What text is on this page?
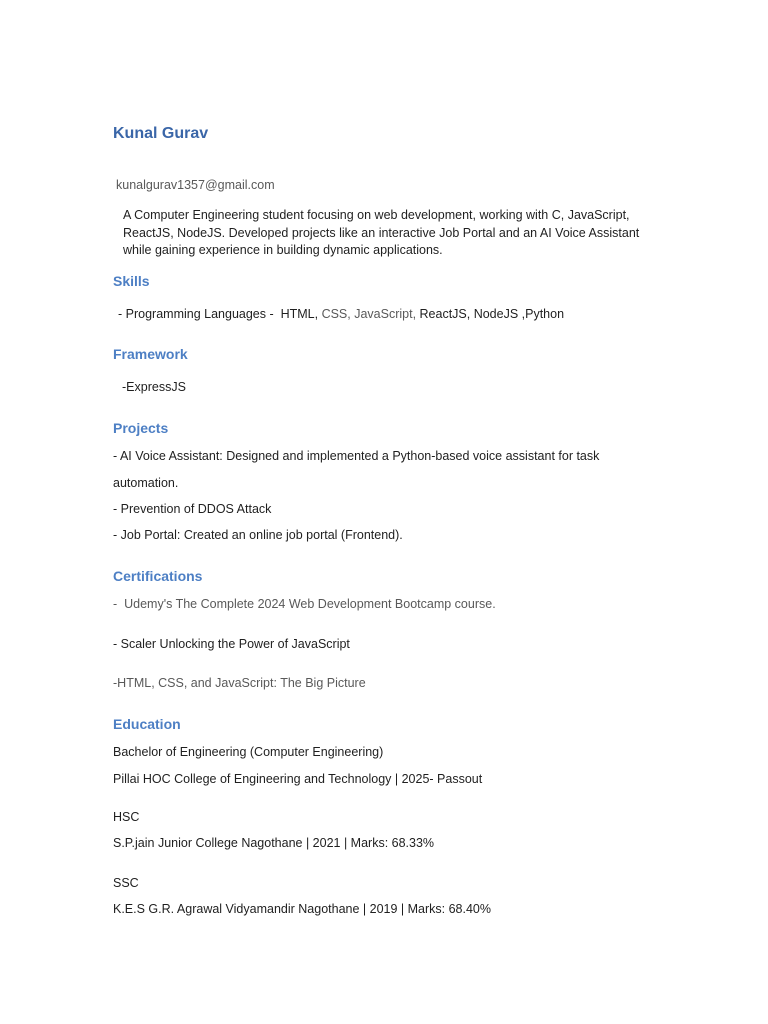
Kunal Gurav
kunalgurav1357@gmail.com
A Computer Engineering student focusing on web development, working with C, JavaScript, ReactJS, NodeJS. Developed projects like an interactive Job Portal and an AI Voice Assistant while gaining experience in building dynamic applications.
Skills
- Programming Languages -  HTML, CSS, JavaScript, ReactJS, NodeJS ,Python
Framework
-ExpressJS
Projects
- AI Voice Assistant: Designed and implemented a Python-based voice assistant for task
automation.
- Prevention of DDOS Attack
- Job Portal: Created an online job portal (Frontend).
Certifications
-  Udemy's The Complete 2024 Web Development Bootcamp course.
- Scaler Unlocking the Power of JavaScript
-HTML, CSS, and JavaScript: The Big Picture
Education
Bachelor of Engineering (Computer Engineering)
Pillai HOC College of Engineering and Technology | 2025- Passout
HSC
S.P.jain Junior College Nagothane | 2021 | Marks: 68.33%
SSC
K.E.S G.R. Agrawal Vidyamandir Nagothane | 2019 | Marks: 68.40%
